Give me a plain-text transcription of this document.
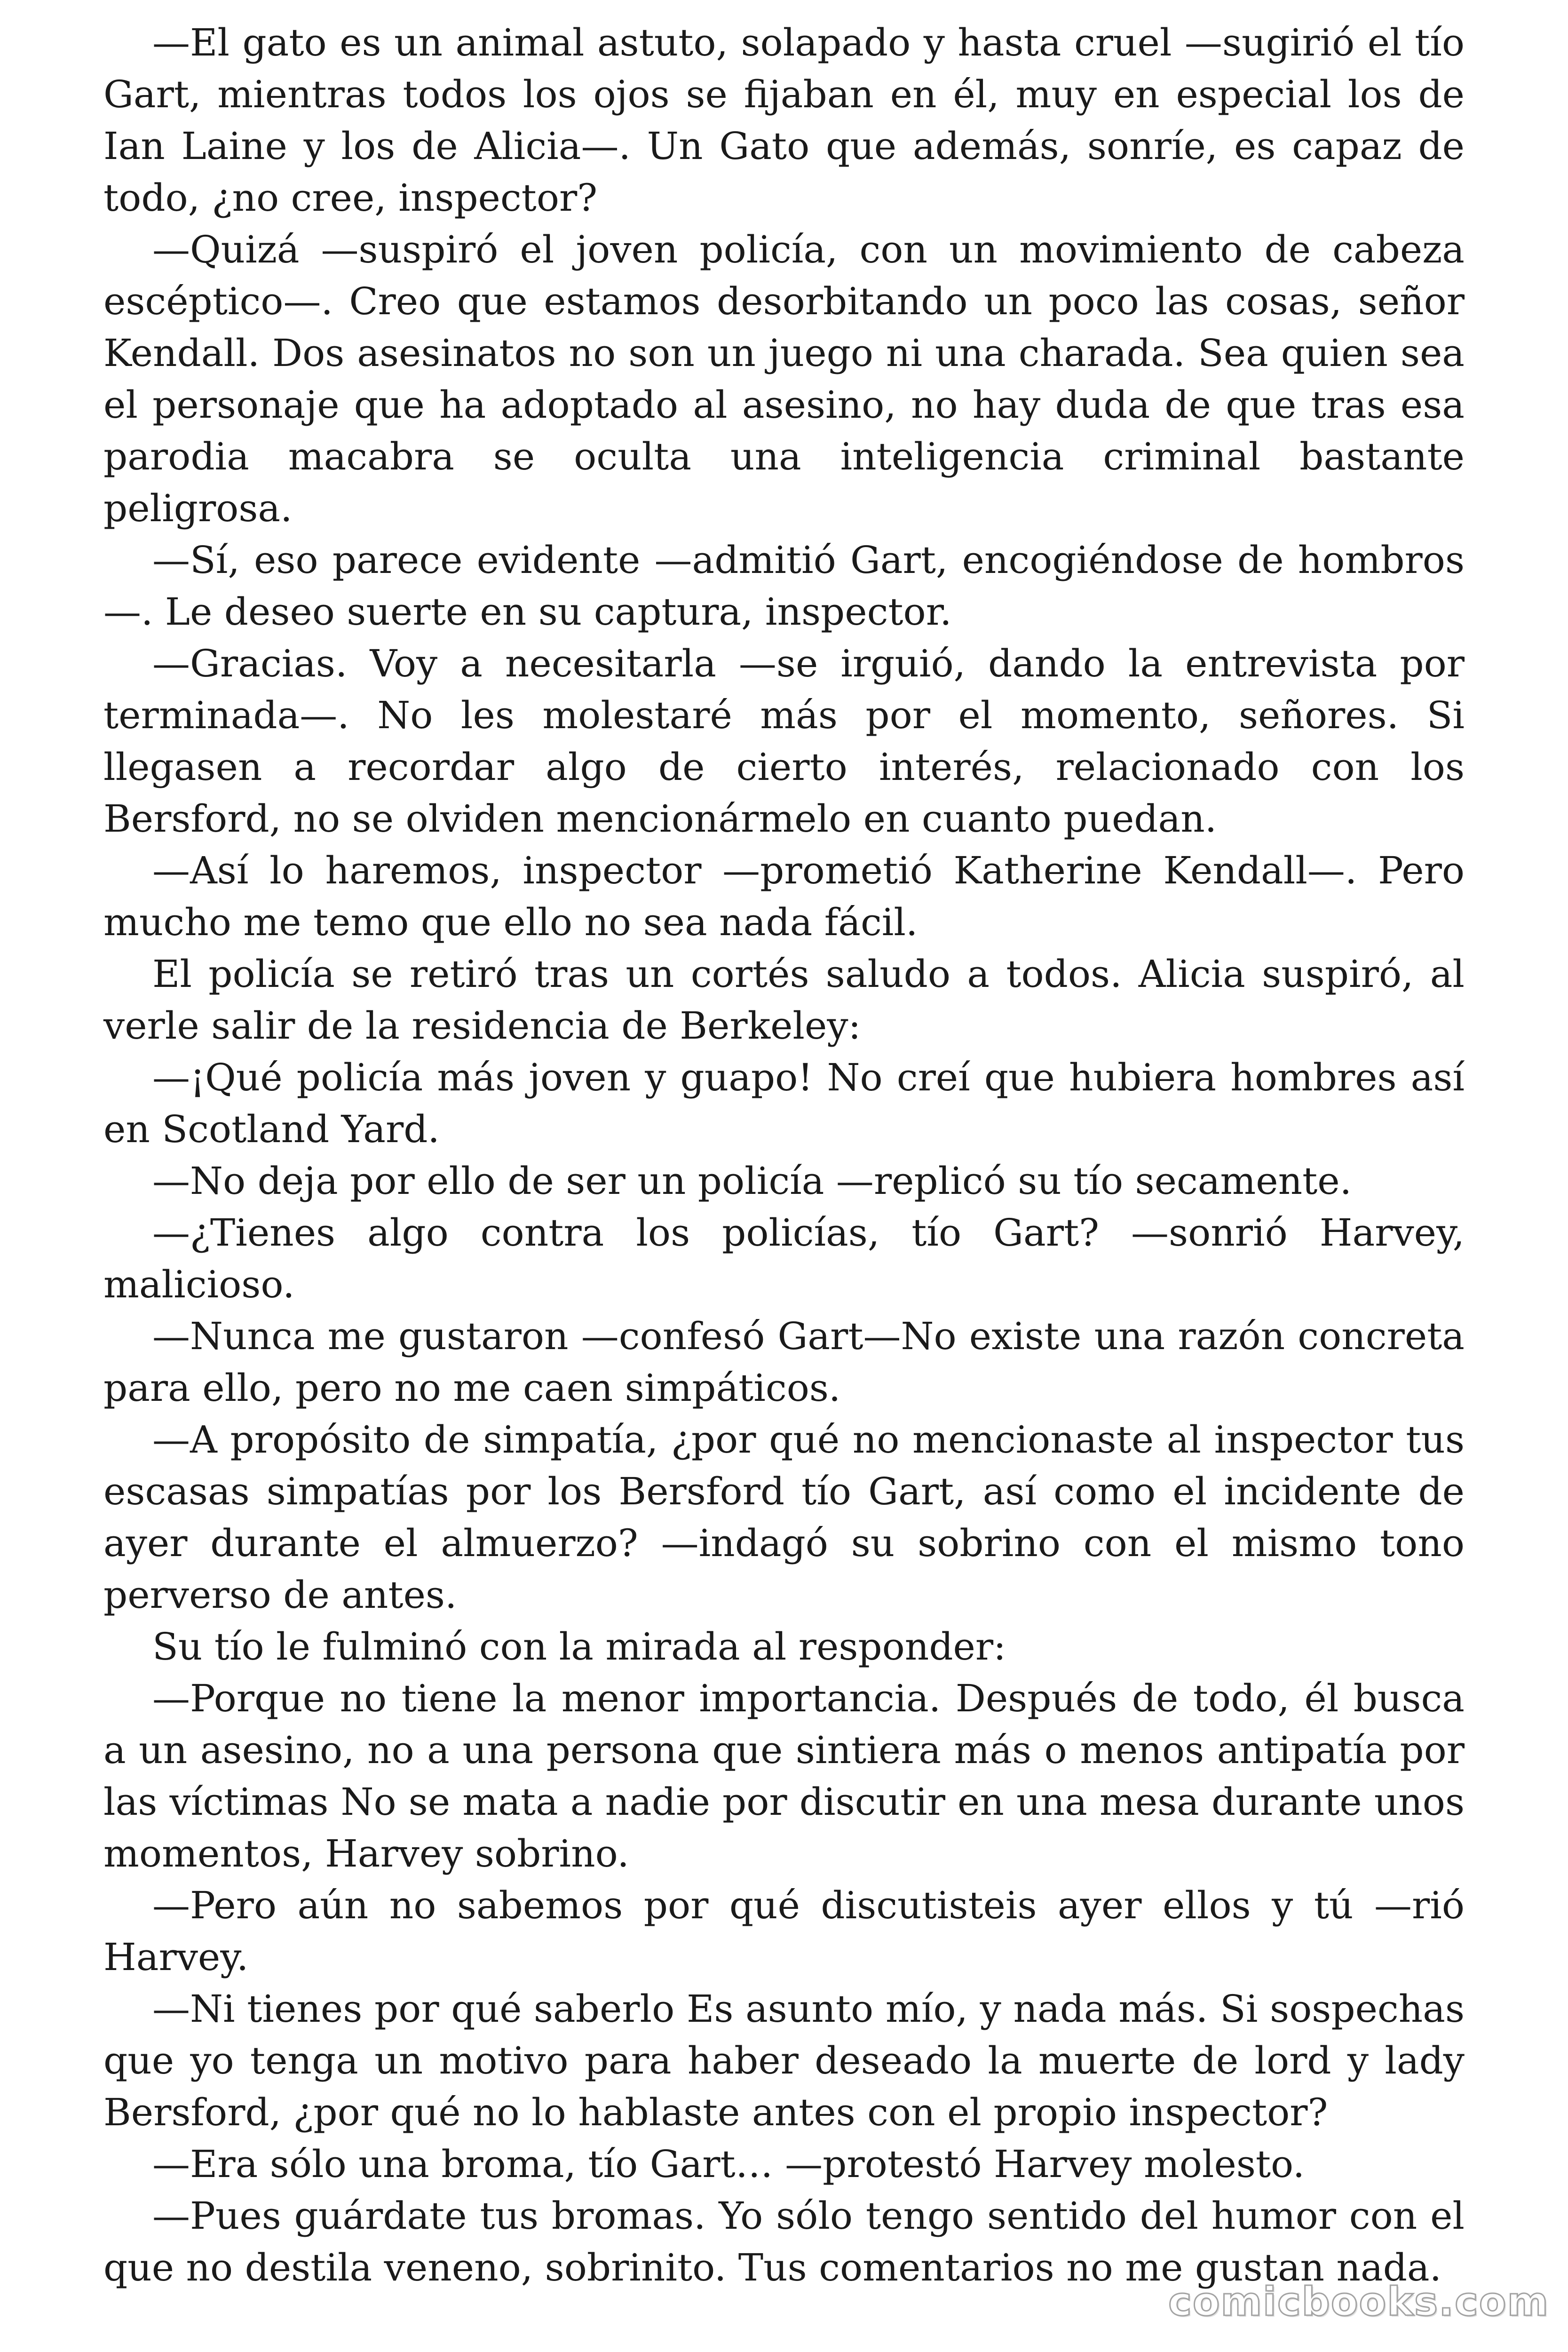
—El gato es un animal astuto, solapado y hasta cruel —sugirió el tío Gart, mientras todos los ojos se fijaban en él, muy en especial los de Ian Laine y los de Alicia—. Un Gato que además, sonríe, es capaz de todo, ¿no cree, inspector?

—Quizá —suspiró el joven policía, con un movimiento de cabeza escéptico—. Creo que estamos desorbitando un poco las cosas, señor Kendall. Dos asesinatos no son un juego ni una charada. Sea quien sea el personaje que ha adoptado al asesino, no hay duda de que tras esa parodia macabra se oculta una inteligencia criminal bastante peligrosa.

—Sí, eso parece evidente —admitió Gart, encogiéndose de hombros —. Le deseo suerte en su captura, inspector.

—Gracias. Voy a necesitarla —se irguió, dando la entrevista por terminada—. No les molestaré más por el momento, señores. Si llegasen a recordar algo de cierto interés, relacionado con los Bersford, no se olviden mencionármelo en cuanto puedan.

—Así lo haremos, inspector —prometió Katherine Kendall—. Pero mucho me temo que ello no sea nada fácil.

El policía se retiró tras un cortés saludo a todos. Alicia suspiró, al verle salir de la residencia de Berkeley:

—¡Qué policía más joven y guapo! No creí que hubiera hombres así en Scotland Yard.

—No deja por ello de ser un policía —replicó su tío secamente.

—¿Tienes algo contra los policías, tío Gart? —sonrió Harvey, malicioso.

—Nunca me gustaron —confesó Gart—No existe una razón concreta para ello, pero no me caen simpáticos.

—A propósito de simpatía, ¿por qué no mencionaste al inspector tus escasas simpatías por los Bersford tío Gart, así como el incidente de ayer durante el almuerzo? —indagó su sobrino con el mismo tono perverso de antes.

Su tío le fulminó con la mirada al responder:

—Porque no tiene la menor importancia. Después de todo, él busca a un asesino, no a una persona que sintiera más o menos antipatía por las víctimas No se mata a nadie por discutir en una mesa durante unos momentos, Harvey sobrino.

—Pero aún no sabemos por qué discutisteis ayer ellos y tú —rió Harvey.

—Ni tienes por qué saberlo Es asunto mío, y nada más. Si sospechas que yo tenga un motivo para haber deseado la muerte de lord y lady Bersford, ¿por qué no lo hablaste antes con el propio inspector?

—Era sólo una broma, tío Gart… —protestó Harvey molesto.

—Pues guárdate tus bromas. Yo sólo tengo sentido del humor con el que no destila veneno, sobrinito. Tus comentarios no me gustan nada.

comicbooks.com
